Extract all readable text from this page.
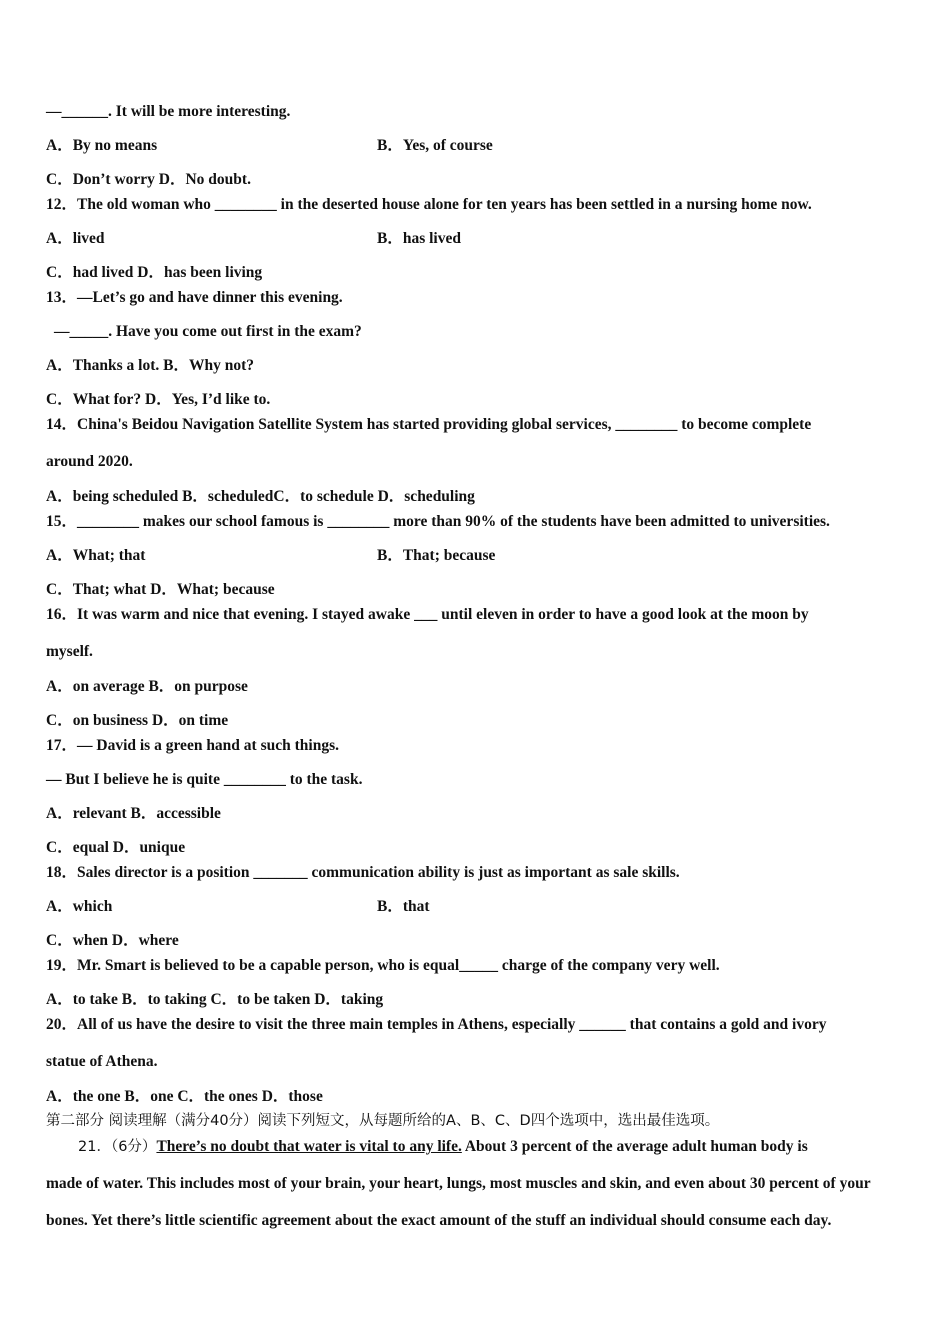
—______. It will be more interesting.
A．By no means	B．Yes, of course
C．Don’t worry D．No doubt.
12．The old woman who ________ in the deserted house alone for ten years has been settled in a nursing home now.
A．lived	B．has lived
C．had lived D．has been living
13．—Let’s go and have dinner this evening.
—_____. Have you come out first in the exam?
A．Thanks a lot. B．Why not?
C．What for? D．Yes, I’d like to.
14．China's Beidou Navigation Satellite System has started providing global services, ________ to become complete
around 2020.
A．being scheduled B．scheduledC．to schedule D．scheduling
15．________ makes our school famous is ________ more than 90% of the students have been admitted to universities.
A．What; that	B．That; because
C．That; what D．What; because
16．It was warm and nice that evening. I stayed awake ___ until eleven in order to have a good look at the moon by
myself.
A．on average B．on purpose
C．on business D．on time
17．— David is a green hand at such things.
— But I believe he is quite ________ to the task.
A．relevant B．accessible
C．equal D．unique
18．Sales director is a position _______ communication ability is just as important as sale skills.
A．which	B．that
C．when D．where
19．Mr. Smart is believed to be a capable person, who is equal_____ charge of the company very well.
A．to take B．to taking C．to be taken D．taking
20．All of us have the desire to visit the three main temples in Athens, especially ______ that contains a gold and ivory
statue of Athena.
A．the one B．one C．the ones D．those
第二部分 阅读理解（满分40分）阅读下列短文，从每题所给的A、B、C、D四个选项中，选出最佳选项。
21．（6分）There’s no doubt that water is vital to any life. About 3 percent of the average adult human body is
made of water. This includes most of your brain, your heart, lungs, most muscles and skin, and even about 30 percent of your
bones. Yet there’s little scientific agreement about the exact amount of the stuff an individual should consume each day.
